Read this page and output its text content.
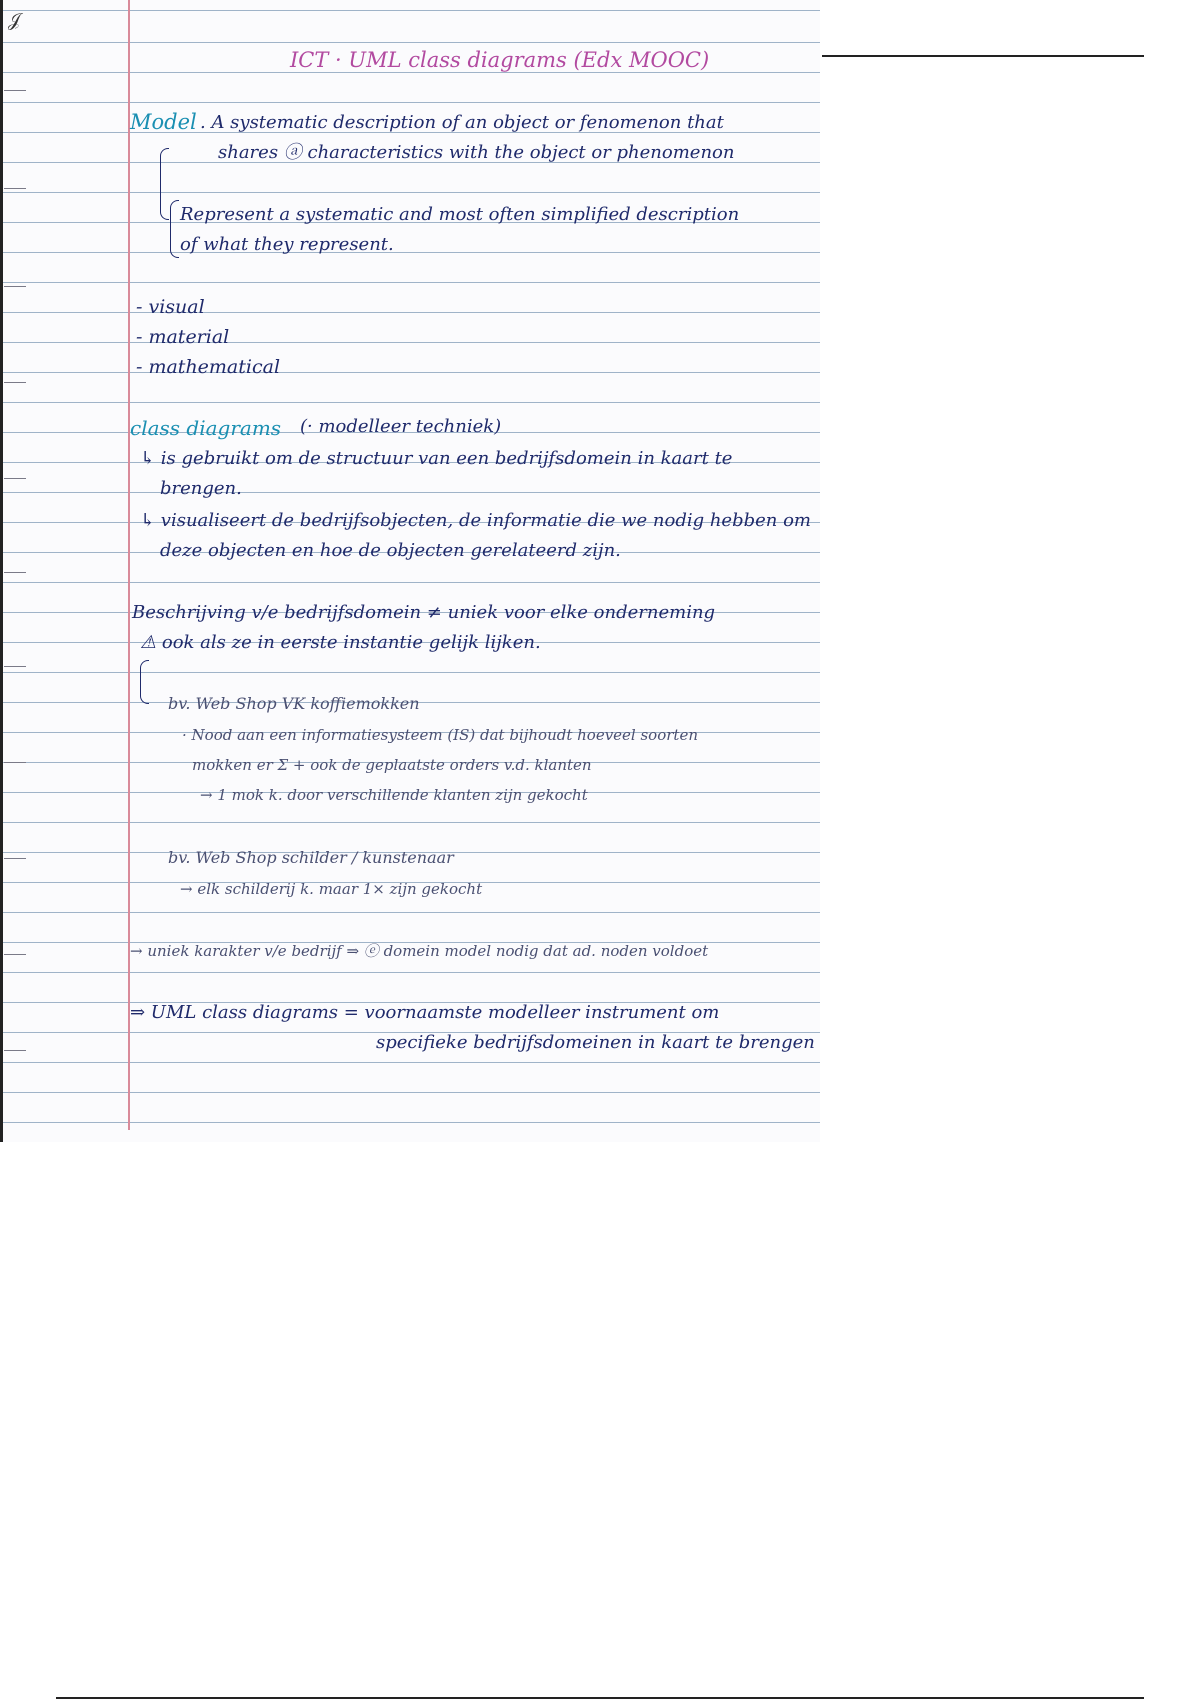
𝒥
ICT · UML class diagrams (Edx MOOC)
Model . A systematic description of an object or fenomenon that
shares ⓐ characteristics with the object or phenomenon
Represent a systematic and most often simplified description
of what they represent.
- visual
- material
- mathematical
class diagrams (· modelleer techniek)
↳ is gebruikt om de structuur van een bedrijfsdomein in kaart te
brengen.
↳ visualiseert de bedrijfsobjecten, de informatie die we nodig hebben om
deze objecten en hoe de objecten gerelateerd zijn.
Beschrijving v/e bedrijfsdomein ≠ uniek voor elke onderneming
⚠ ook als ze in eerste instantie gelijk lijken.
bv. Web Shop VK koffiemokken
· Nood aan een informatiesysteem (IS) dat bijhoudt hoeveel soorten
mokken er Σ + ook de geplaatste orders v.d. klanten
→ 1 mok k. door verschillende klanten zijn gekocht
bv. Web Shop schilder / kunstenaar
→ elk schilderij k. maar 1× zijn gekocht
→ uniek karakter v/e bedrijf ⇒ ⓔ domein model nodig dat ad. noden voldoet
⇒ UML class diagrams = voornaamste modelleer instrument om
specifieke bedrijfsdomeinen in kaart te brengen
